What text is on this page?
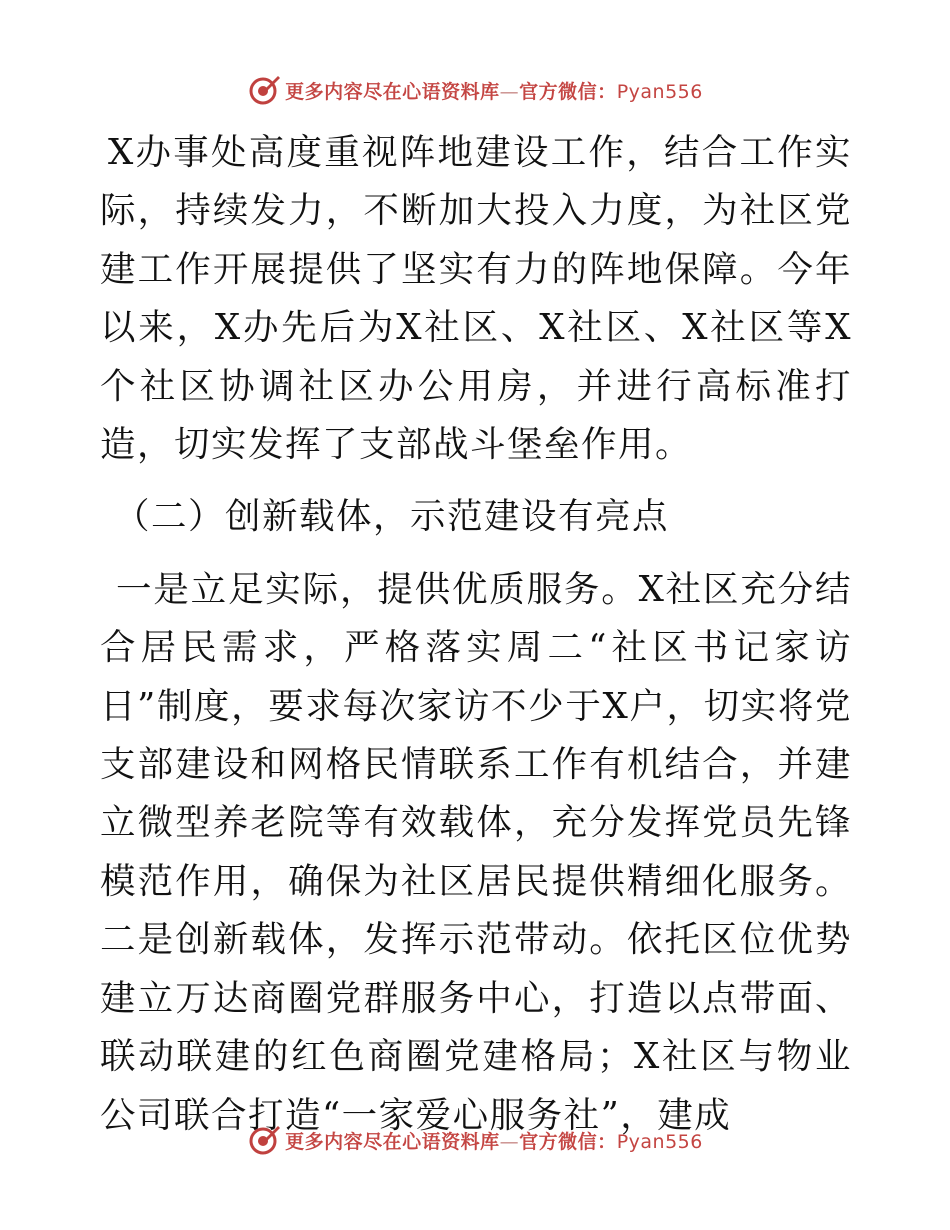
更多内容尽在心语资料库—官方微信：Pyan556

X办事处高度重视阵地建设工作，结合工作实际，持续发力，不断加大投入力度，为社区党建工作开展提供了坚实有力的阵地保障。今年以来，X办先后为X社区、X社区、X社区等X个社区协调社区办公用房，并进行高标准打造，切实发挥了支部战斗堡垒作用。

（二）创新载体，示范建设有亮点

一是立足实际，提供优质服务。X社区充分结合居民需求，严格落实周二“社区书记家访日”制度，要求每次家访不少于X户，切实将党支部建设和网格民情联系工作有机结合，并建立微型养老院等有效载体，充分发挥党员先锋模范作用，确保为社区居民提供精细化服务。二是创新载体，发挥示范带动。依托区位优势建立万达商圈党群服务中心，打造以点带面、联动联建的红色商圈党建格局；X社区与物业公司联合打造“一家爱心服务社”，建成

更多内容尽在心语资料库—官方微信：Pyan556
